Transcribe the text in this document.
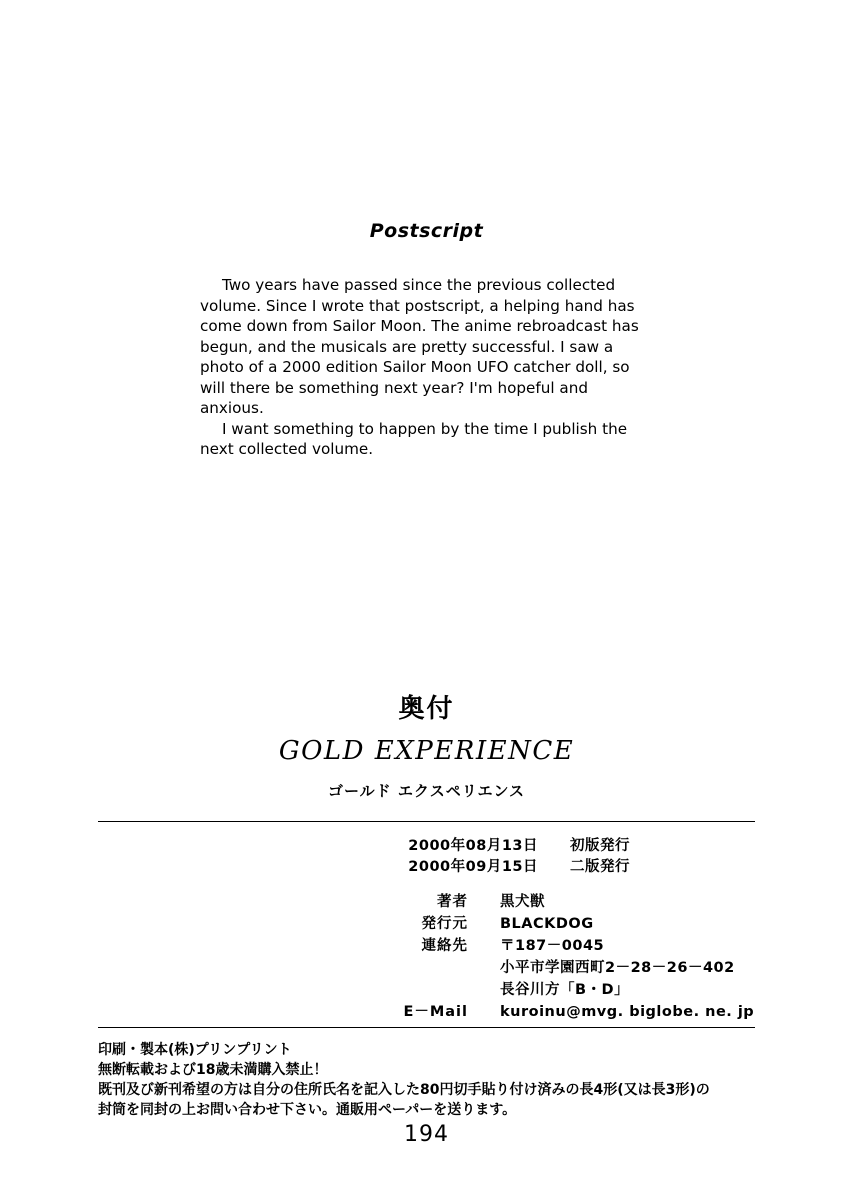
Postscript

Two years have passed since the previous collected volume. Since I wrote that postscript, a helping hand has come down from Sailor Moon. The anime rebroadcast has begun, and the musicals are pretty successful. I saw a photo of a 2000 edition Sailor Moon UFO catcher doll, so will there be something next year? I'm hopeful and anxious.

I want something to happen by the time I publish the next collected volume.

奥付
GOLD EXPERIENCE
ゴールド エクスペリエンス
2000年08月13日	初版発行
2000年09月15日	二版発行
著者	黒犬獣
発行元	BLACKDOG
連絡先	〒187－0045
小平市学園西町2－28－26－402
長谷川方「B・D」
E－Mail	kuroinu@mvg. biglobe. ne. jp
印刷・製本(株)プリンプリント
無断転載および18歳未満購入禁止！
既刊及び新刊希望の方は自分の住所氏名を記入した80円切手貼り付け済みの長4形(又は長3形)の
封筒を同封の上お問い合わせ下さい。通販用ペーパーを送ります。
194
